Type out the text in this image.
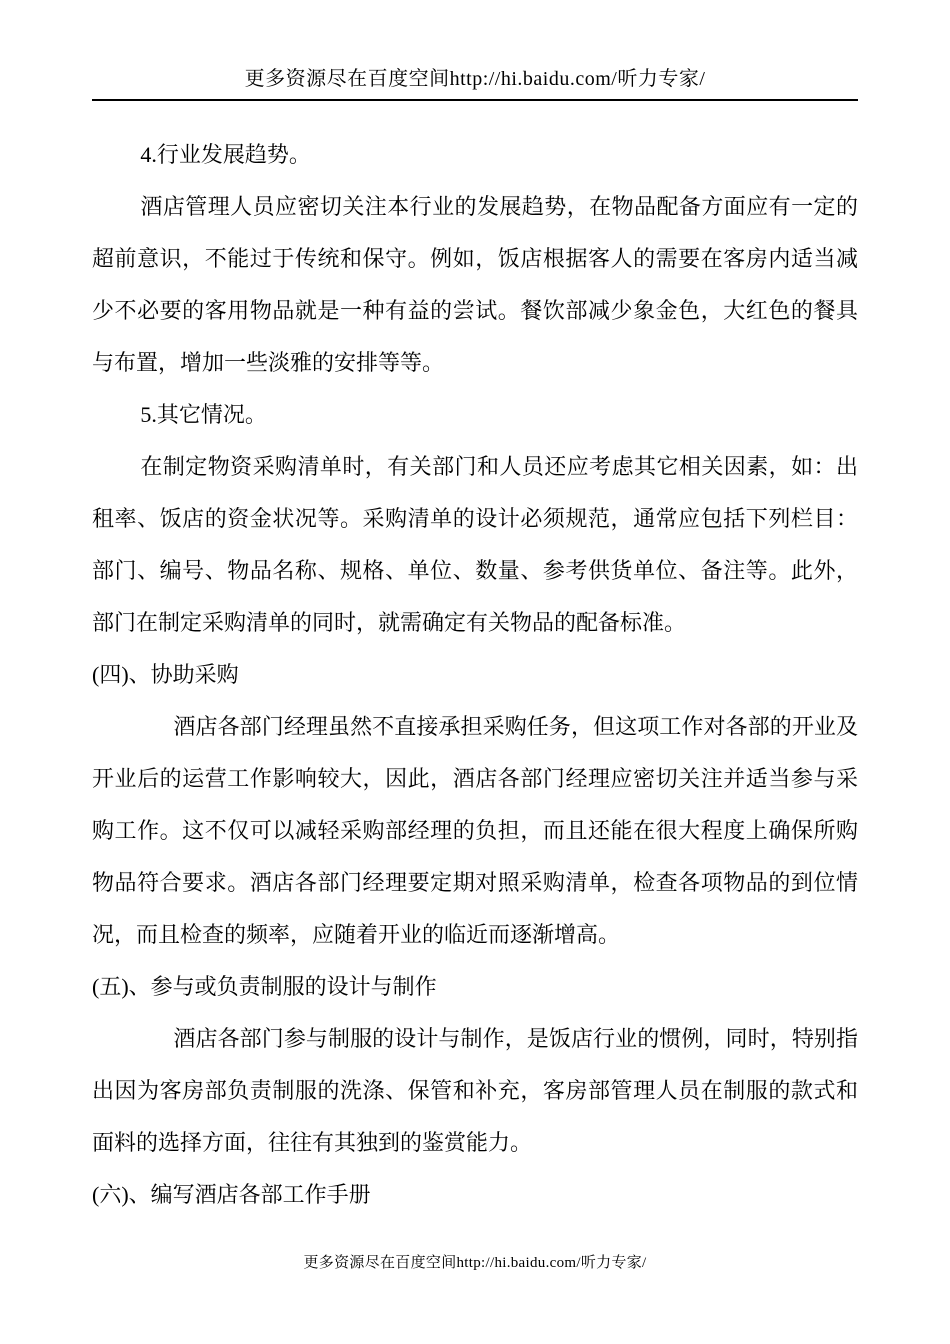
更多资源尽在百度空间http://hi.baidu.com/听力专家/

4.行业发展趋势。

酒店管理人员应密切关注本行业的发展趋势，在物品配备方面应有一定的超前意识，不能过于传统和保守。例如，饭店根据客人的需要在客房内适当减少不必要的客用物品就是一种有益的尝试。餐饮部减少象金色，大红色的餐具与布置，增加一些淡雅的安排等等。

5.其它情况。

在制定物资采购清单时，有关部门和人员还应考虑其它相关因素，如：出租率、饭店的资金状况等。采购清单的设计必须规范，通常应包括下列栏目：部门、编号、物品名称、规格、单位、数量、参考供货单位、备注等。此外，部门在制定采购清单的同时，就需确定有关物品的配备标准。

(四)、协助采购

酒店各部门经理虽然不直接承担采购任务，但这项工作对各部的开业及开业后的运营工作影响较大，因此，酒店各部门经理应密切关注并适当参与采购工作。这不仅可以减轻采购部经理的负担，而且还能在很大程度上确保所购物品符合要求。酒店各部门经理要定期对照采购清单，检查各项物品的到位情况，而且检查的频率，应随着开业的临近而逐渐增高。

(五)、参与或负责制服的设计与制作

酒店各部门参与制服的设计与制作，是饭店行业的惯例，同时，特别指出因为客房部负责制服的洗涤、保管和补充，客房部管理人员在制服的款式和面料的选择方面，往往有其独到的鉴赏能力。

(六)、编写酒店各部工作手册

更多资源尽在百度空间http://hi.baidu.com/听力专家/
